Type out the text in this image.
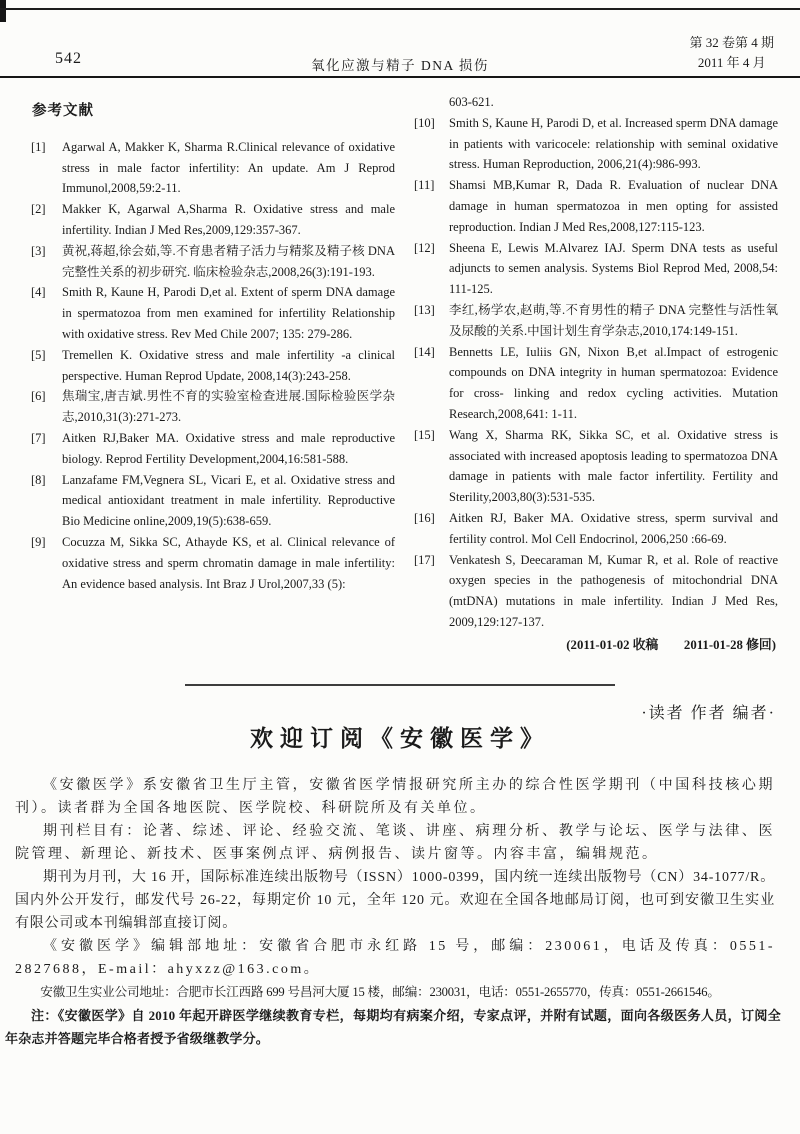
542	氧化应激与精子 DNA 损伤
第 32 卷第 4 期
2011 年 4 月
参考文献
[1] Agarwal A, Makker K, Sharma R.Clinical relevance of oxidative stress in male factor infertility: An update. Am J Reprod Immunol,2008,59:2-11.
[2] Makker K, Agarwal A,Sharma R. Oxidative stress and male infertility. Indian J Med Res,2009,129:357-367.
[3] 黄祝,蒋超,徐会茹,等.不育患者精子活力与精浆及精子核 DNA 完整性关系的初步研究. 临床检验杂志,2008,26(3):191-193.
[4] Smith R, Kaune H, Parodi D,et al. Extent of sperm DNA damage in spermatozoa from men examined for infertility Relationship with oxidative stress. Rev Med Chile 2007; 135: 279-286.
[5] Tremellen K. Oxidative stress and male infertility -a clinical perspective. Human Reprod Update, 2008,14(3):243-258.
[6] 焦瑞宝,唐吉斌.男性不育的实验室检查进展.国际检验医学杂志,2010,31(3):271-273.
[7] Aitken RJ,Baker MA. Oxidative stress and male reproductive biology. Reprod Fertility Development,2004,16:581-588.
[8] Lanzafame FM,Vegnera SL, Vicari E, et al. Oxidative stress and medical antioxidant treatment in male infertility. Reproductive Bio Medicine online,2009,19(5):638-659.
[9] Cocuzza M, Sikka SC, Athayde KS, et al. Clinical relevance of oxidative stress and sperm chromatin damage in male infertility: An evidence based analysis. Int Braz J Urol,2007,33 (5):
603-621.
[10] Smith S, Kaune H, Parodi D, et al. Increased sperm DNA damage in patients with varicocele: relationship with seminal oxidative stress. Human Reproduction, 2006,21(4):986-993.
[11] Shamsi MB,Kumar R, Dada R. Evaluation of nuclear DNA damage in human spermatozoa in men opting for assisted reproduction. Indian J Med Res,2008,127:115-123.
[12] Sheena E, Lewis M.Alvarez IAJ. Sperm DNA tests as useful adjuncts to semen analysis. Systems Biol Reprod Med, 2008,54: 111-125.
[13] 李红,杨学农,赵萌,等.不育男性的精子 DNA 完整性与活性氧及尿酸的关系.中国计划生育学杂志,2010,174:149-151.
[14] Bennetts LE, Iuliis GN, Nixon B,et al.Impact of estrogenic compounds on DNA integrity in human spermatozoa: Evidence for cross- linking and redox cycling activities. Mutation Research,2008,641: 1-11.
[15] Wang X, Sharma RK, Sikka SC, et al. Oxidative stress is associated with increased apoptosis leading to spermatozoa DNA damage in patients with male factor infertility. Fertility and Sterility,2003,80(3):531-535.
[16] Aitken RJ, Baker MA. Oxidative stress, sperm survival and fertility control. Mol Cell Endocrinol, 2006,250 :66-69.
[17] Venkatesh S, Deecaraman M, Kumar R, et al. Role of reactive oxygen species in the pathogenesis of mitochondrial DNA (mtDNA) mutations in male infertility. Indian J Med Res, 2009,129:127-137.
(2011-01-02 收稿　　2011-01-28 修回)
·读者 作者 编者·
欢迎订阅《安徽医学》

《安徽医学》系安徽省卫生厅主管，安徽省医学情报研究所主办的综合性医学期刊（中国科技核心期刊）。读者群为全国各地医院、医学院校、科研院所及有关单位。

期刊栏目有：论著、综述、评论、经验交流、笔谈、讲座、病理分析、教学与论坛、医学与法律、医院管理、新理论、新技术、医事案例点评、病例报告、读片窗等。内容丰富，编辑规范。

期刊为月刊，大 16 开，国际标准连续出版物号（ISSN）1000-0399，国内统一连续出版物号（CN）34-1077/R。国内外公开发行，邮发代号 26-22，每期定价 10 元，全年 120 元。欢迎在全国各地邮局订阅，也可到安徽卫生实业有限公司或本刊编辑部直接订阅。

《安徽医学》编辑部地址：安徽省合肥市永红路 15 号，邮编：230061，电话及传真：0551-2827688，E-mail：ahyxzz@163.com。

安徽卫生实业公司地址：合肥市长江西路 699 号昌河大厦 15 楼，邮编：230031，电话：0551-2655770，传真：0551-2661546。

注：《安徽医学》自 2010 年起开辟医学继续教育专栏，每期均有病案介绍，专家点评，并附有试题，面向各级医务人员，订阅全年杂志并答题完毕合格者授予省级继教学分。
